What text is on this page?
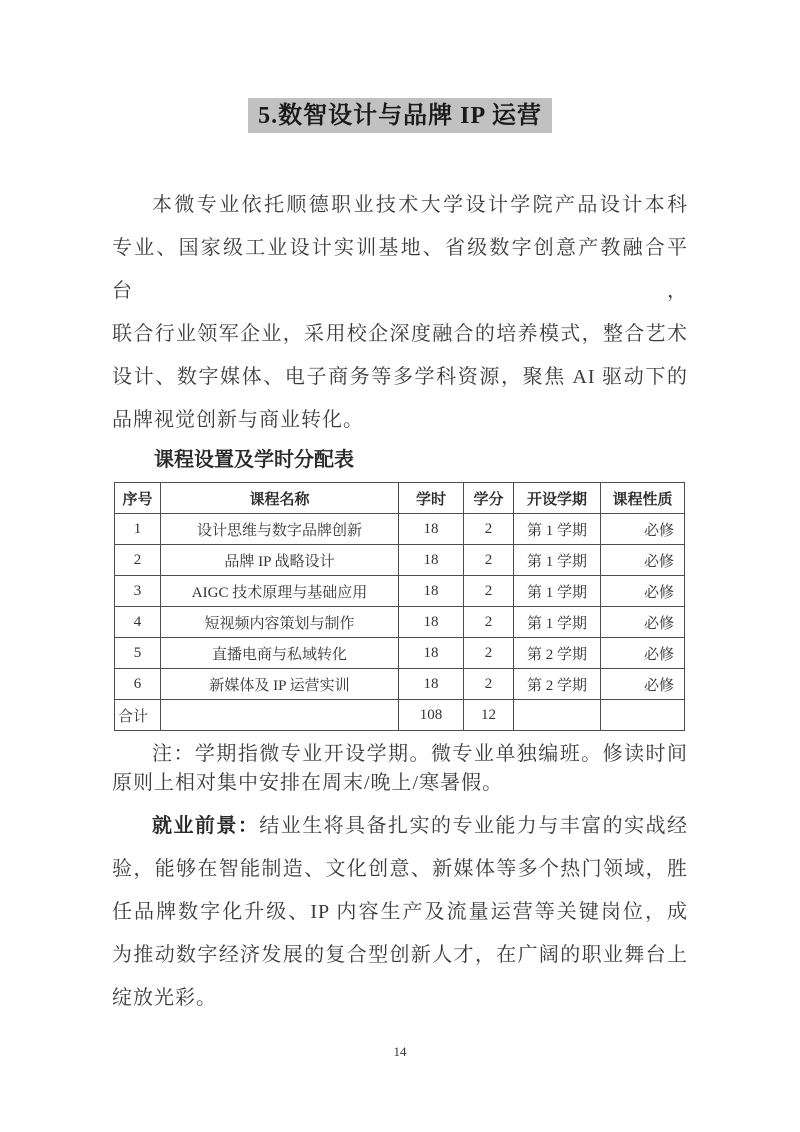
5.数智设计与品牌 IP 运营
本微专业依托顺德职业技术大学设计学院产品设计本科
专业、国家级工业设计实训基地、省级数字创意产教融合平台，
联合行业领军企业，采用校企深度融合的培养模式，整合艺术
设计、数字媒体、电子商务等多学科资源，聚焦 AI 驱动下的
品牌视觉创新与商业转化。
课程设置及学时分配表
序号	课程名称	学时	学分	开设学期	课程性质
1	设计思维与数字品牌创新	18	2	第 1 学期	必修
2	品牌 IP 战略设计	18	2	第 1 学期	必修
3	AIGC 技术原理与基础应用	18	2	第 1 学期	必修
4	短视频内容策划与制作	18	2	第 1 学期	必修
5	直播电商与私域转化	18	2	第 2 学期	必修
6	新媒体及 IP 运营实训	18	2	第 2 学期	必修
合计		108	12		
注：学期指微专业开设学期。微专业单独编班。修读时间
原则上相对集中安排在周末/晚上/寒暑假。
就业前景：结业生将具备扎实的专业能力与丰富的实战经
验，能够在智能制造、文化创意、新媒体等多个热门领域，胜
任品牌数字化升级、IP 内容生产及流量运营等关键岗位，成
为推动数字经济发展的复合型创新人才，在广阔的职业舞台上
绽放光彩。
14
